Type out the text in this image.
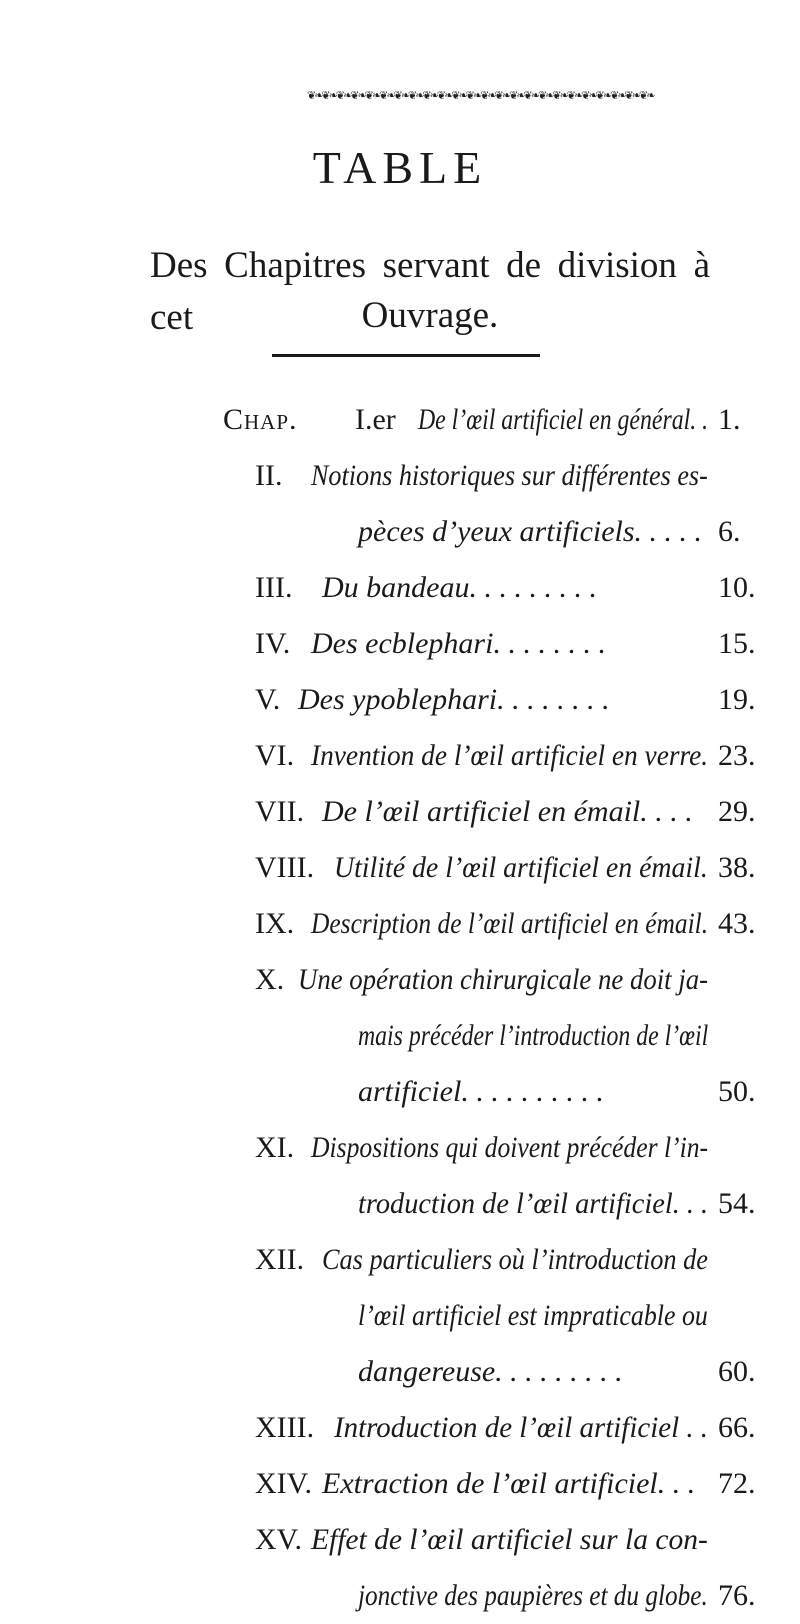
❦❧❦❧❦❧❦❧❦❧❦❧❦❧❦❧❦❧❦❧❦❧❦❧❦❧❦❧❦❧❦❧❦❧❦❧❦❧❦❧❦❧❦❧❦❧❦❧
TABLE
Des Chapitres servant de division à cet	Ouvrage.
Chap. I.er De l’œil artificiel en général. . 1.
II. Notions historiques sur différentes es-
pèces d’yeux artificiels. . . . . 6.
III. Du bandeau. . . . . . . . .	10.
IV. Des ecblephari. . . . . . . .	15.
V. Des ypoblephari. . . . . . . .	19.
VI. Invention de l’œil artificiel en verre. 23.
VII. De l’œil artificiel en émail. . . . 29.
VIII. Utilité de l’œil artificiel en émail. 38.
IX. Description de l’œil artificiel en émail. 43.
X. Une opération chirurgicale ne doit ja-
mais précéder l’introduction de l’œil
artificiel. . . . . . . . . .	50.
XI. Dispositions qui doivent précéder l’in-
troduction de l’œil artificiel. . . 54.
XII. Cas particuliers où l’introduction de
l’œil artificiel est impraticable ou
dangereuse. . . . . . . . .	60.
XIII. Introduction de l’œil artificiel . . 66.
XIV. Extraction de l’œil artificiel. . . 72.
XV. Effet de l’œil artificiel sur la con-
jonctive des paupières et du globe. 76.
